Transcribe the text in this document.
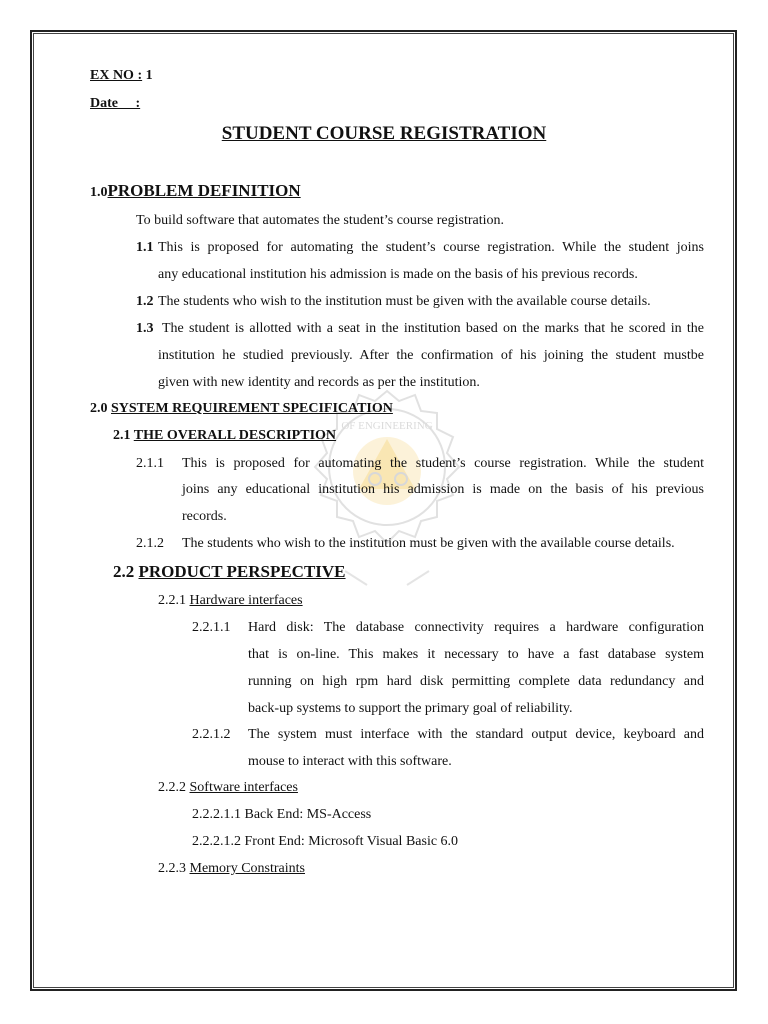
OF ENGINEERING
EX NO : 1
Date     :
STUDENT COURSE REGISTRATION
1.0PROBLEM DEFINITION
To build software that automates the student’s course registration.
1.1 This is proposed for automating the student’s course registration. While the student joins
any educational institution his admission is made on the basis of his previous records.
1.2 The students who wish to the institution must be given with the available course details.
1.3 The student is allotted with a seat in the institution based on the marks that he scored in the
institution he studied previously. After the confirmation of his joining the student mustbe
given with new identity and records as per the institution.
2.0 SYSTEM REQUIREMENT SPECIFICATION
2.1 THE OVERALL DESCRIPTION
2.1.1 This is proposed for automating the student’s course registration. While the student
joins any educational institution his admission is made on the basis of his previous
records.
2.1.2 The students who wish to the institution must be given with the available course details.
2.2 PRODUCT PERSPECTIVE
2.2.1 Hardware interfaces
2.2.1.1 Hard disk: The database connectivity requires a hardware configuration
that is on-line. This makes it necessary to have a fast database system
running on high rpm hard disk permitting complete data redundancy and
back-up systems to support the primary goal of reliability.
2.2.1.2 The system must interface with the standard output device, keyboard and
mouse to interact with this software.
2.2.2 Software interfaces
2.2.2.1.1 Back End: MS-Access
2.2.2.1.2 Front End: Microsoft Visual Basic 6.0
2.2.3 Memory Constraints
